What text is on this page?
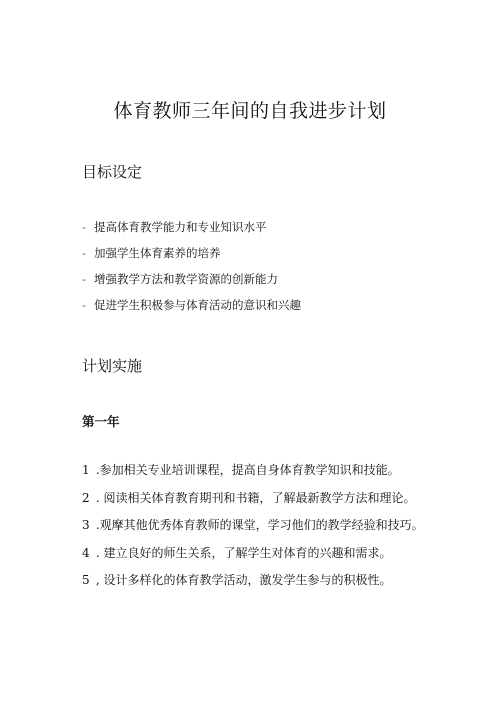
体育教师三年间的自我进步计划
目标设定
- 提高体育教学能力和专业知识水平
- 加强学生体育素养的培养
- 增强教学方法和教学资源的创新能力
- 促进学生积极参与体育活动的意识和兴趣
计划实施
第一年
1 .参加相关专业培训课程，提高自身体育教学知识和技能。
2 . 阅读相关体育教育期刊和书籍，了解最新教学方法和理论。
3 .观摩其他优秀体育教师的课堂，学习他们的教学经验和技巧。
4 . 建立良好的师生关系，了解学生对体育的兴趣和需求。
5 , 设计多样化的体育教学活动，激发学生参与的积极性。
